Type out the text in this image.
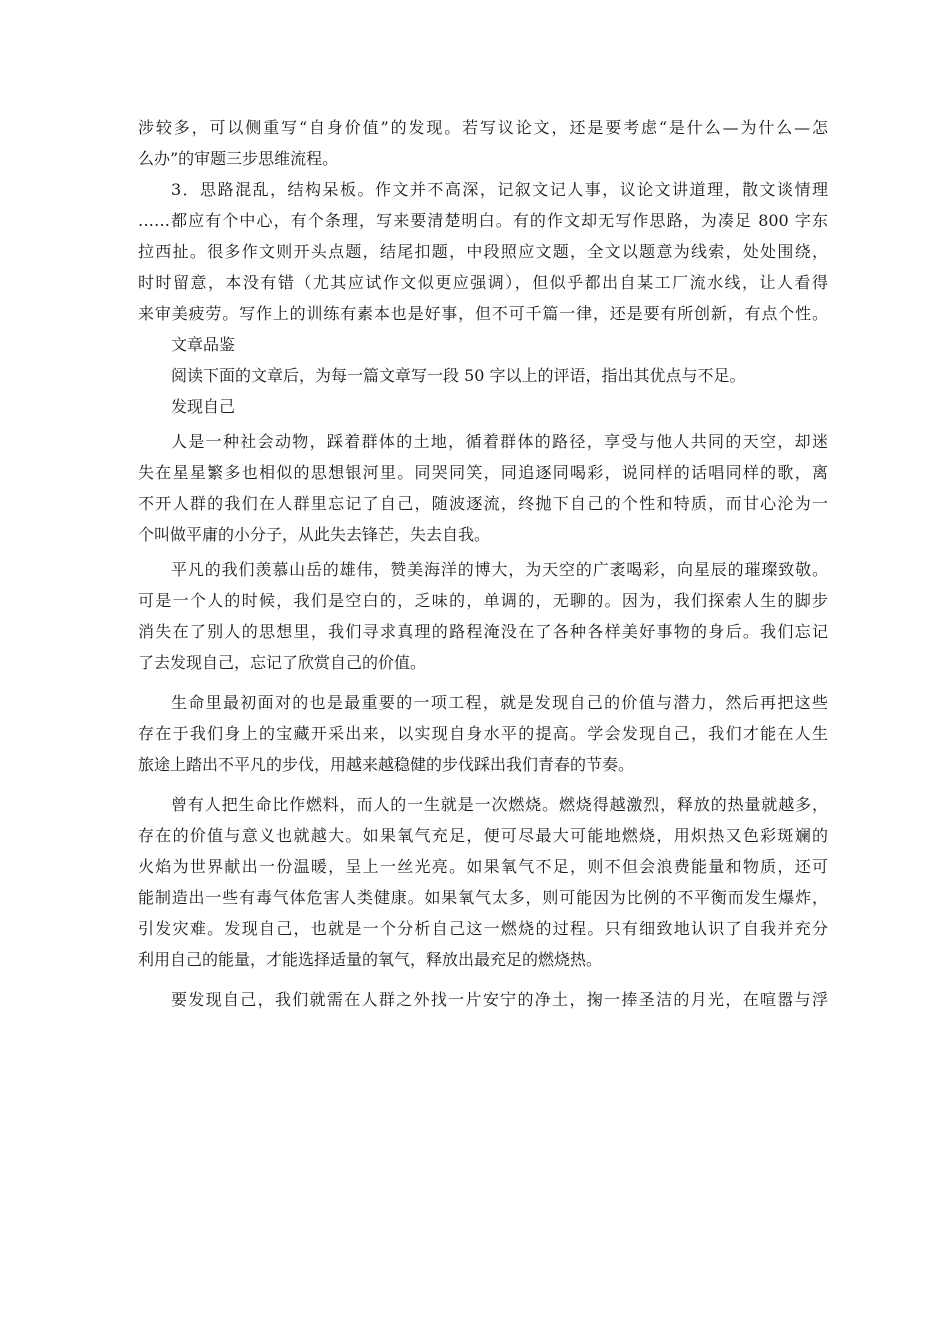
涉较多，可以侧重写“自身价值”的发现。若写议论文，还是要考虑“是什么—为什么—怎
么办”的审题三步思维流程。
3．思路混乱，结构呆板。作文并不高深，记叙文记人事，议论文讲道理，散文谈情理
……都应有个中心，有个条理，写来要清楚明白。有的作文却无写作思路，为凑足 800 字东
拉西扯。很多作文则开头点题，结尾扣题，中段照应文题，全文以题意为线索，处处围绕，
时时留意，本没有错（尤其应试作文似更应强调），但似乎都出自某工厂流水线，让人看得
来审美疲劳。写作上的训练有素本也是好事，但不可千篇一律，还是要有所创新，有点个性。
文章品鉴
阅读下面的文章后，为每一篇文章写一段 50 字以上的评语，指出其优点与不足。
发现自己
人是一种社会动物，踩着群体的土地，循着群体的路径，享受与他人共同的天空，却迷
失在星星繁多也相似的思想银河里。同哭同笑，同追逐同喝彩，说同样的话唱同样的歌，离
不开人群的我们在人群里忘记了自己，随波逐流，终抛下自己的个性和特质，而甘心沦为一
个叫做平庸的小分子，从此失去锋芒，失去自我。
平凡的我们羡慕山岳的雄伟，赞美海洋的博大，为天空的广袤喝彩，向星辰的璀璨致敬。
可是一个人的时候，我们是空白的，乏味的，单调的，无聊的。因为，我们探索人生的脚步
消失在了别人的思想里，我们寻求真理的路程淹没在了各种各样美好事物的身后。我们忘记
了去发现自己，忘记了欣赏自己的价值。
生命里最初面对的也是最重要的一项工程，就是发现自己的价值与潜力，然后再把这些
存在于我们身上的宝藏开采出来，以实现自身水平的提高。学会发现自己，我们才能在人生
旅途上踏出不平凡的步伐，用越来越稳健的步伐踩出我们青春的节奏。
曾有人把生命比作燃料，而人的一生就是一次燃烧。燃烧得越激烈，释放的热量就越多，
存在的价值与意义也就越大。如果氧气充足，便可尽最大可能地燃烧，用炽热又色彩斑斓的
火焰为世界献出一份温暖，呈上一丝光亮。如果氧气不足，则不但会浪费能量和物质，还可
能制造出一些有毒气体危害人类健康。如果氧气太多，则可能因为比例的不平衡而发生爆炸，
引发灾难。发现自己，也就是一个分析自己这一燃烧的过程。只有细致地认识了自我并充分
利用自己的能量，才能选择适量的氧气，释放出最充足的燃烧热。
要发现自己，我们就需在人群之外找一片安宁的净土，掬一捧圣洁的月光，在喧嚣与浮
